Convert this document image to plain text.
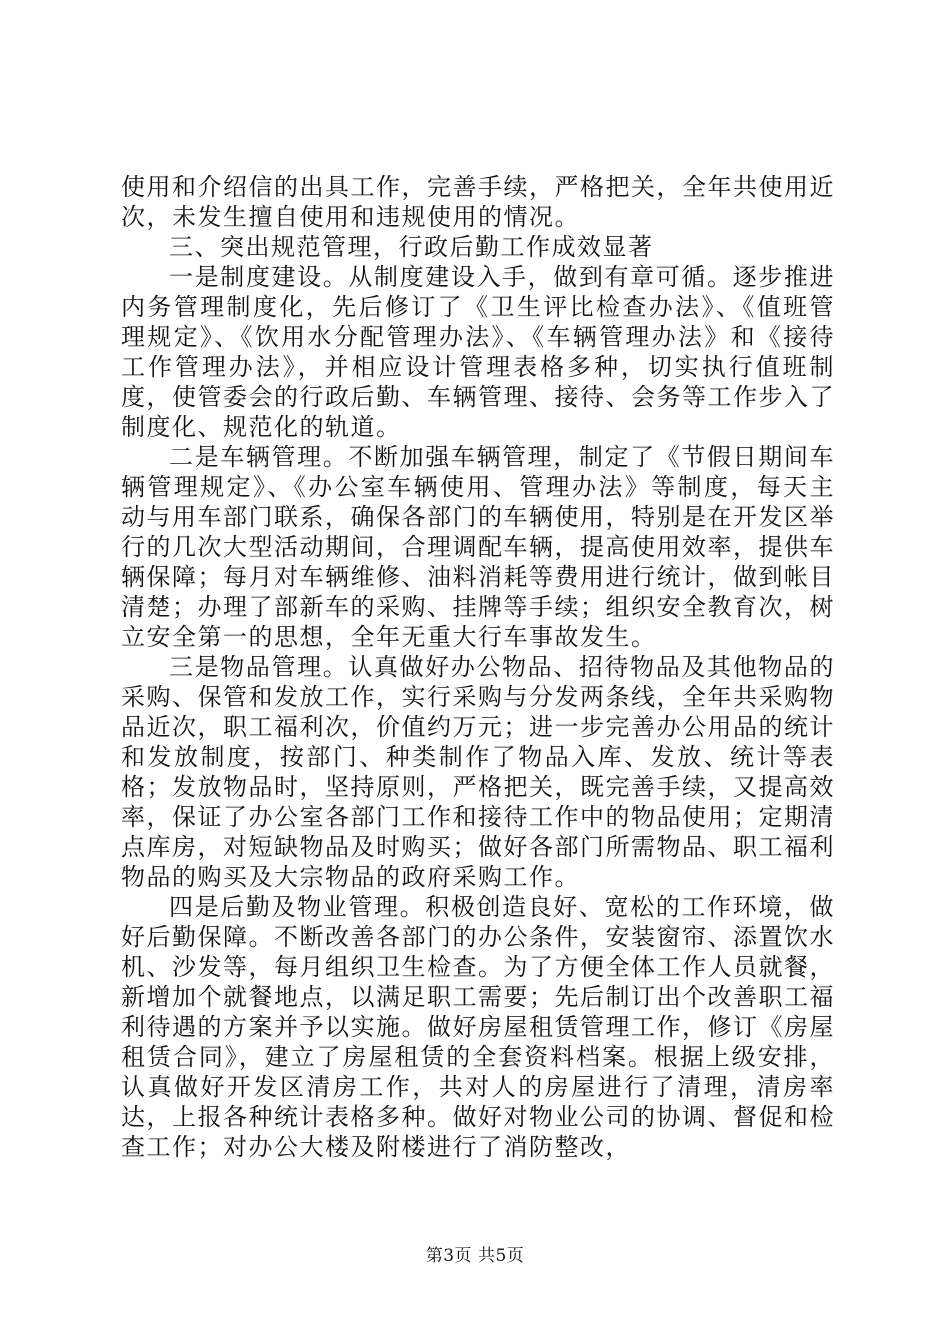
使用和介绍信的出具工作，完善手续，严格把关，全年共使用近次，未发生擅自使用和违规使用的情况。

三、突出规范管理，行政后勤工作成效显著

一是制度建设。从制度建设入手，做到有章可循。逐步推进内务管理制度化，先后修订了《卫生评比检查办法》、《值班管理规定》、《饮用水分配管理办法》、《车辆管理办法》和《接待工作管理办法》，并相应设计管理表格多种，切实执行值班制度，使管委会的行政后勤、车辆管理、接待、会务等工作步入了制度化、规范化的轨道。

二是车辆管理。不断加强车辆管理，制定了《节假日期间车辆管理规定》、《办公室车辆使用、管理办法》等制度，每天主动与用车部门联系，确保各部门的车辆使用，特别是在开发区举行的几次大型活动期间，合理调配车辆，提高使用效率，提供车辆保障；每月对车辆维修、油料消耗等费用进行统计，做到帐目清楚；办理了部新车的采购、挂牌等手续；组织安全教育次，树立安全第一的思想，全年无重大行车事故发生。

三是物品管理。认真做好办公物品、招待物品及其他物品的采购、保管和发放工作，实行采购与分发两条线，全年共采购物品近次，职工福利次，价值约万元；进一步完善办公用品的统计和发放制度，按部门、种类制作了物品入库、发放、统计等表格；发放物品时，坚持原则，严格把关，既完善手续，又提高效率，保证了办公室各部门工作和接待工作中的物品使用；定期清点库房，对短缺物品及时购买；做好各部门所需物品、职工福利物品的购买及大宗物品的政府采购工作。

四是后勤及物业管理。积极创造良好、宽松的工作环境，做好后勤保障。不断改善各部门的办公条件，安装窗帘、添置饮水机、沙发等，每月组织卫生检查。为了方便全体工作人员就餐，新增加个就餐地点，以满足职工需要；先后制订出个改善职工福利待遇的方案并予以实施。做好房屋租赁管理工作，修订《房屋租赁合同》，建立了房屋租赁的全套资料档案。根据上级安排，认真做好开发区清房工作，共对人的房屋进行了清理，清房率达，上报各种统计表格多种。做好对物业公司的协调、督促和检查工作；对办公大楼及附楼进行了消防整改，

第3页 共5页
